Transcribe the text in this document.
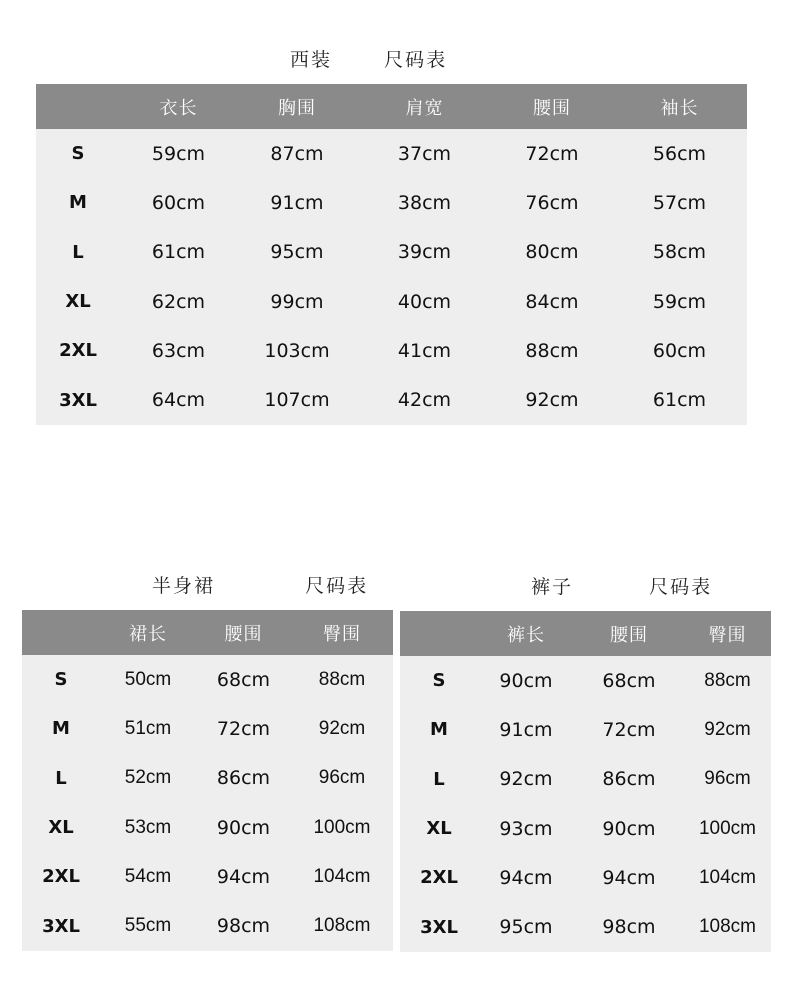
西装	尺码表
	衣长	胸围	肩宽	腰围	袖长
S	59cm	87cm	37cm	72cm	56cm
M	60cm	91cm	38cm	76cm	57cm
L	61cm	95cm	39cm	80cm	58cm
XL	62cm	99cm	40cm	84cm	59cm
2XL	63cm	103cm	41cm	88cm	60cm
3XL	64cm	107cm	42cm	92cm	61cm
半身裙	尺码表
	裙长	腰围	臀围
S	50cm	68cm	88cm
M	51cm	72cm	92cm
L	52cm	86cm	96cm
XL	53cm	90cm	100cm
2XL	54cm	94cm	104cm
3XL	55cm	98cm	108cm
裤子	尺码表
	裤长	腰围	臀围
S	90cm	68cm	88cm
M	91cm	72cm	92cm
L	92cm	86cm	96cm
XL	93cm	90cm	100cm
2XL	94cm	94cm	104cm
3XL	95cm	98cm	108cm
